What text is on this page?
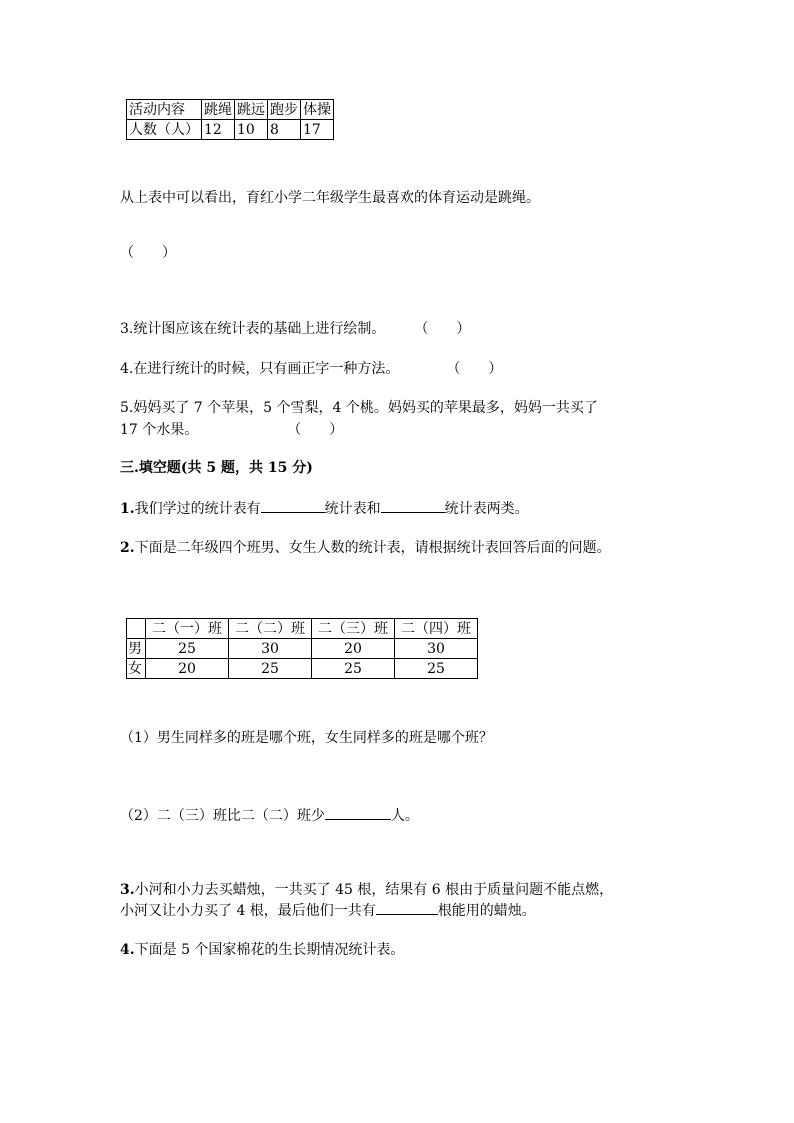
活动内容	跳绳	跳远	跑步	体操
人数（人）	12	10	8	17
从上表中可以看出，育红小学二年级学生最喜欢的体育运动是跳绳。
（　　）
3.统计图应该在统计表的基础上进行绘制。	（　　）
4.在进行统计的时候，只有画正字一种方法。	（　　）
5.妈妈买了 7 个苹果，5 个雪梨，4 个桃。妈妈买的苹果最多，妈妈一共买了
17 个水果。	（　　）
三.填空题(共 5 题，共 15 分)
1.我们学过的统计表有	统计表和	统计表两类。
2.下面是二年级四个班男、女生人数的统计表，请根据统计表回答后面的问题。
	二（一）班	二（二）班	二（三）班	二（四）班
男	25	30	20	30
女	20	25	25	25
（1）男生同样多的班是哪个班，女生同样多的班是哪个班？
（2）二（三）班比二（二）班少	人。
3.小河和小力去买蜡烛，一共买了 45 根，结果有 6 根由于质量问题不能点燃，
小河又让小力买了 4 根，最后他们一共有	根能用的蜡烛。
4.下面是 5 个国家棉花的生长期情况统计表。
